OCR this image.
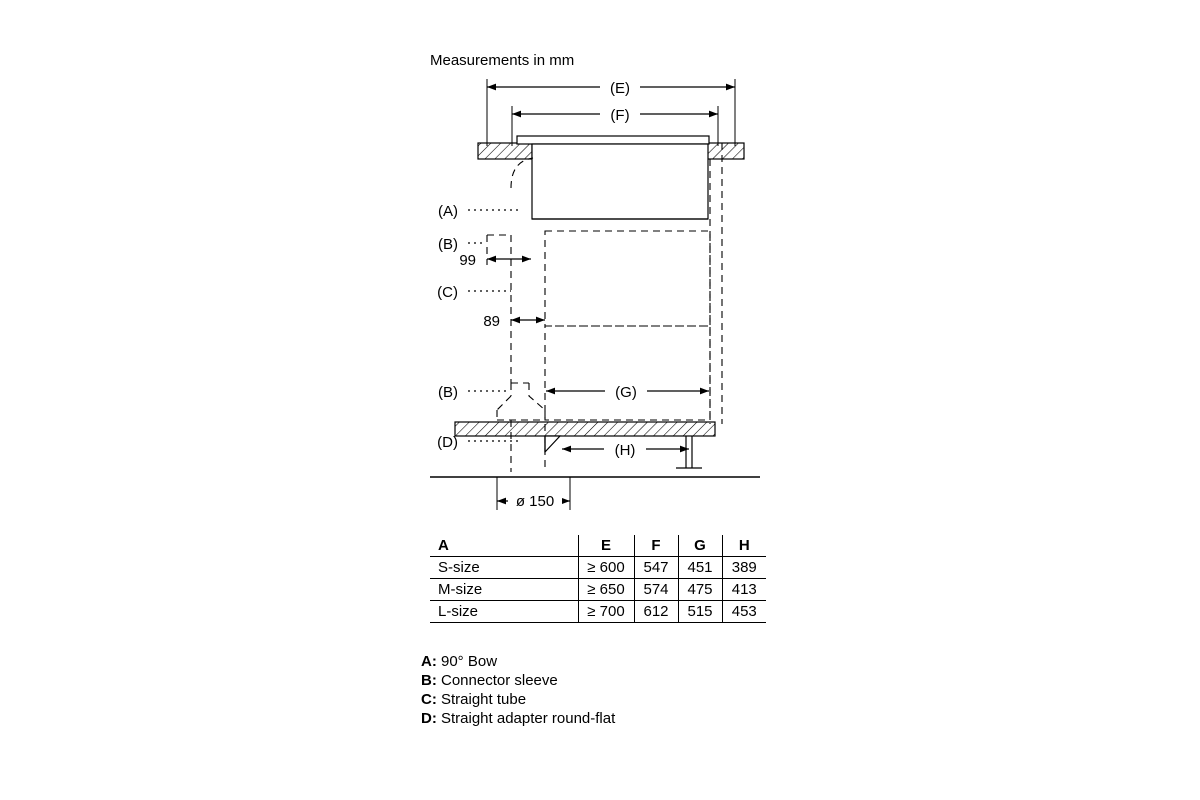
Measurements in mm
(E)
(F)
(G)
(H)
99
89
ø 150
(A)
(B)
(C)
(B)
(D)
A	E	F	G	H
S-size	≥ 600	547	451	389
M-size	≥ 650	574	475	413
L-size	≥ 700	612	515	453
A: 90° Bow
B: Connector sleeve
C: Straight tube
D: Straight adapter round-flat
